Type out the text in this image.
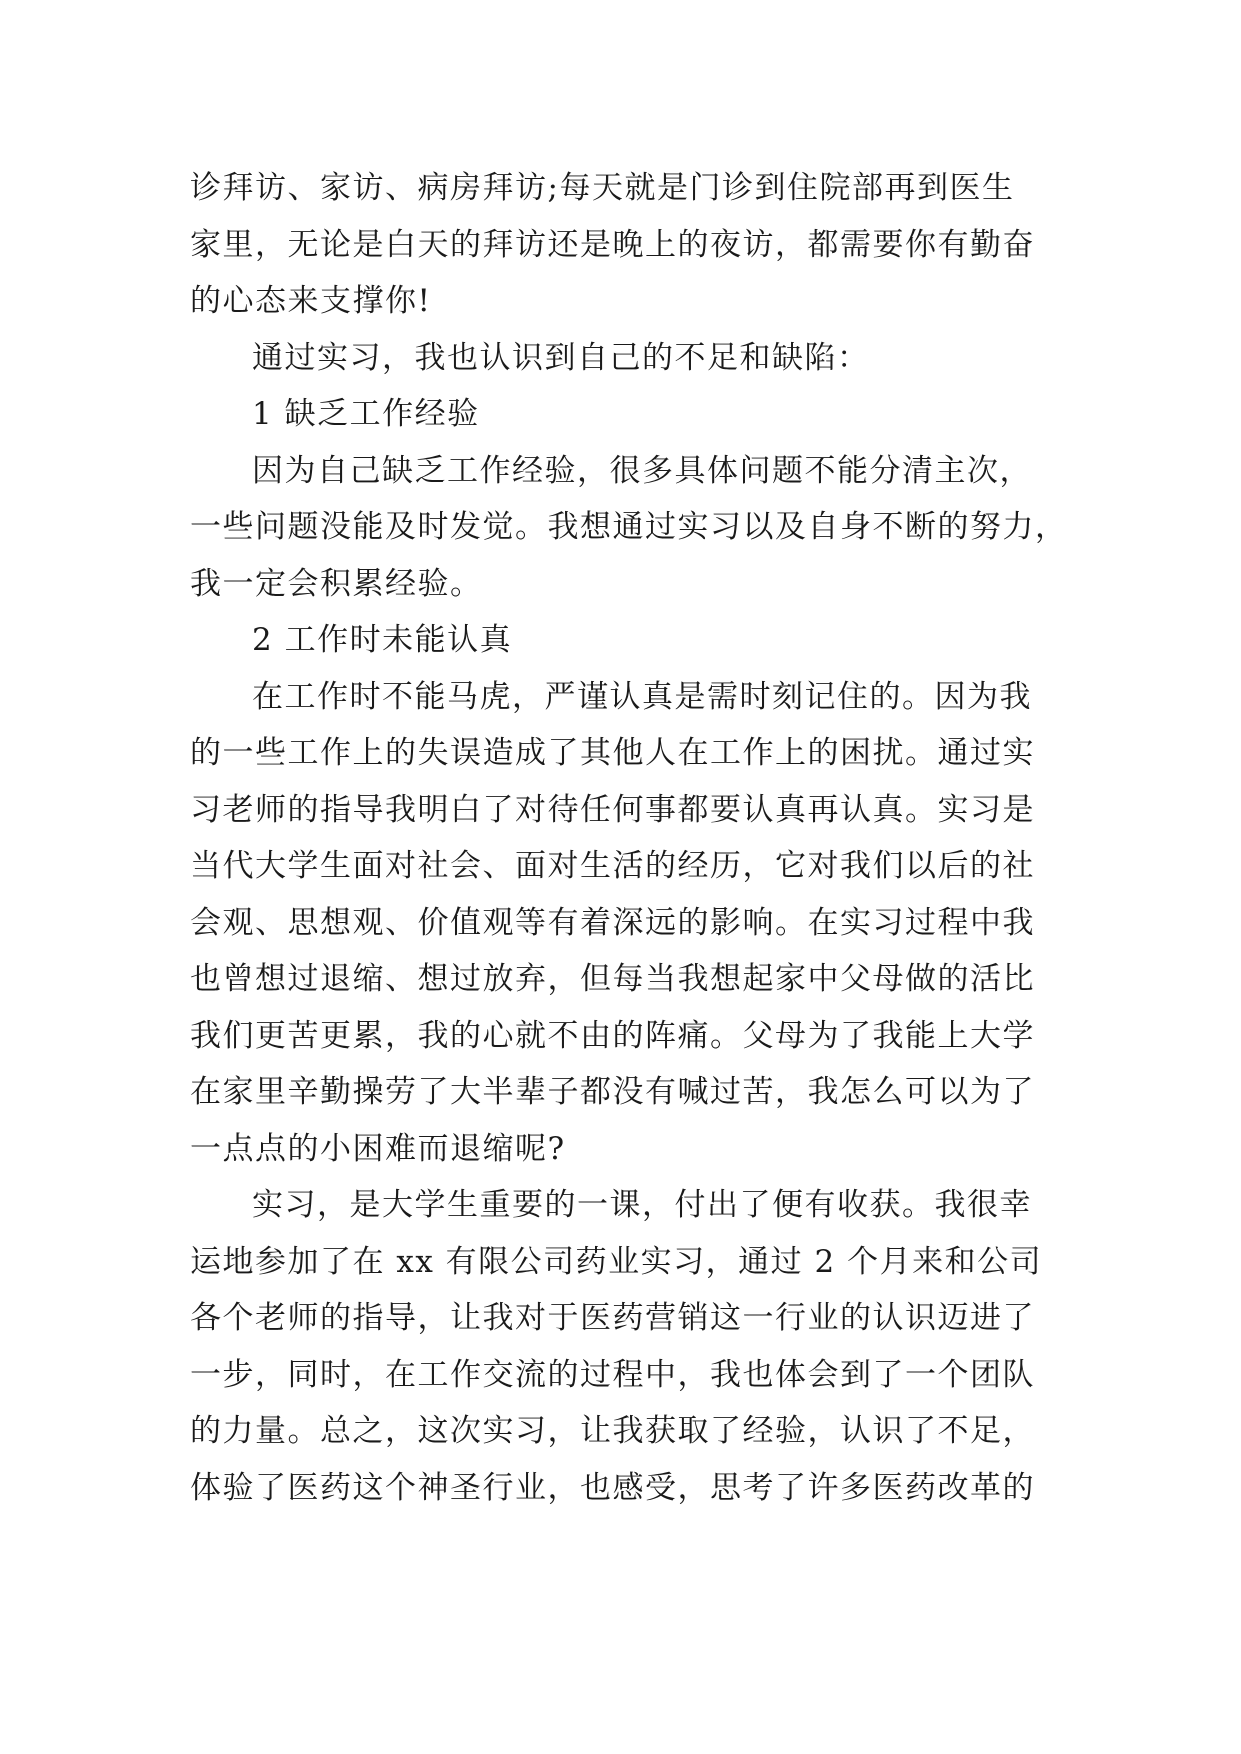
诊拜访、家访、病房拜访;每天就是门诊到住院部再到医生
家里，无论是白天的拜访还是晚上的夜访，都需要你有勤奋
的心态来支撑你!
通过实习，我也认识到自己的不足和缺陷：
1 缺乏工作经验
因为自己缺乏工作经验，很多具体问题不能分清主次，
一些问题没能及时发觉。我想通过实习以及自身不断的努力，
我一定会积累经验。
2 工作时未能认真
在工作时不能马虎，严谨认真是需时刻记住的。因为我
的一些工作上的失误造成了其他人在工作上的困扰。通过实
习老师的指导我明白了对待任何事都要认真再认真。实习是
当代大学生面对社会、面对生活的经历，它对我们以后的社
会观、思想观、价值观等有着深远的影响。在实习过程中我
也曾想过退缩、想过放弃，但每当我想起家中父母做的活比
我们更苦更累，我的心就不由的阵痛。父母为了我能上大学
在家里辛勤操劳了大半辈子都没有喊过苦，我怎么可以为了
一点点的小困难而退缩呢?
实习，是大学生重要的一课，付出了便有收获。我很幸
运地参加了在 xx 有限公司药业实习，通过 2 个月来和公司
各个老师的指导，让我对于医药营销这一行业的认识迈进了
一步，同时，在工作交流的过程中，我也体会到了一个团队
的力量。总之，这次实习，让我获取了经验，认识了不足，
体验了医药这个神圣行业，也感受，思考了许多医药改革的
